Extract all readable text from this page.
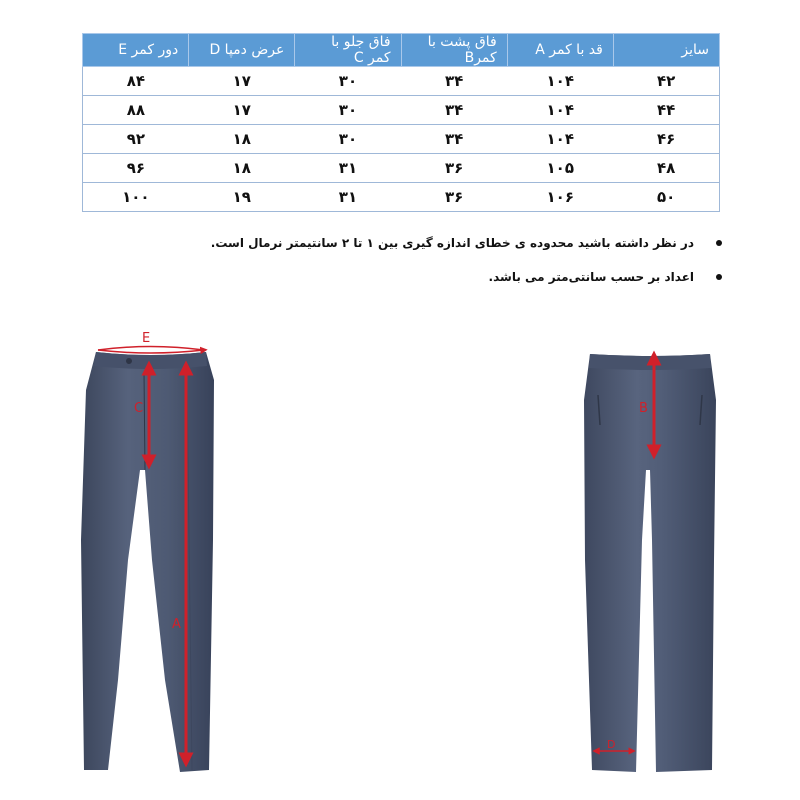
سایز	قد با کمر A	فاق پشت با کمرB	فاق جلو با کمر C	عرض دمپا D	دور کمر E
۴۲	۱۰۴	۳۴	۳۰	۱۷	۸۴
۴۴	۱۰۴	۳۴	۳۰	۱۷	۸۸
۴۶	۱۰۴	۳۴	۳۰	۱۸	۹۲
۴۸	۱۰۵	۳۶	۳۱	۱۸	۹۶
۵۰	۱۰۶	۳۶	۳۱	۱۹	۱۰۰
در نظر داشته باشید محدوده ی خطای اندازه گیری بین ۱ تا ۲ سانتیمتر نرمال است.
اعداد بر حسب سانتی‌متر می باشد.
E
C
A
B
D
